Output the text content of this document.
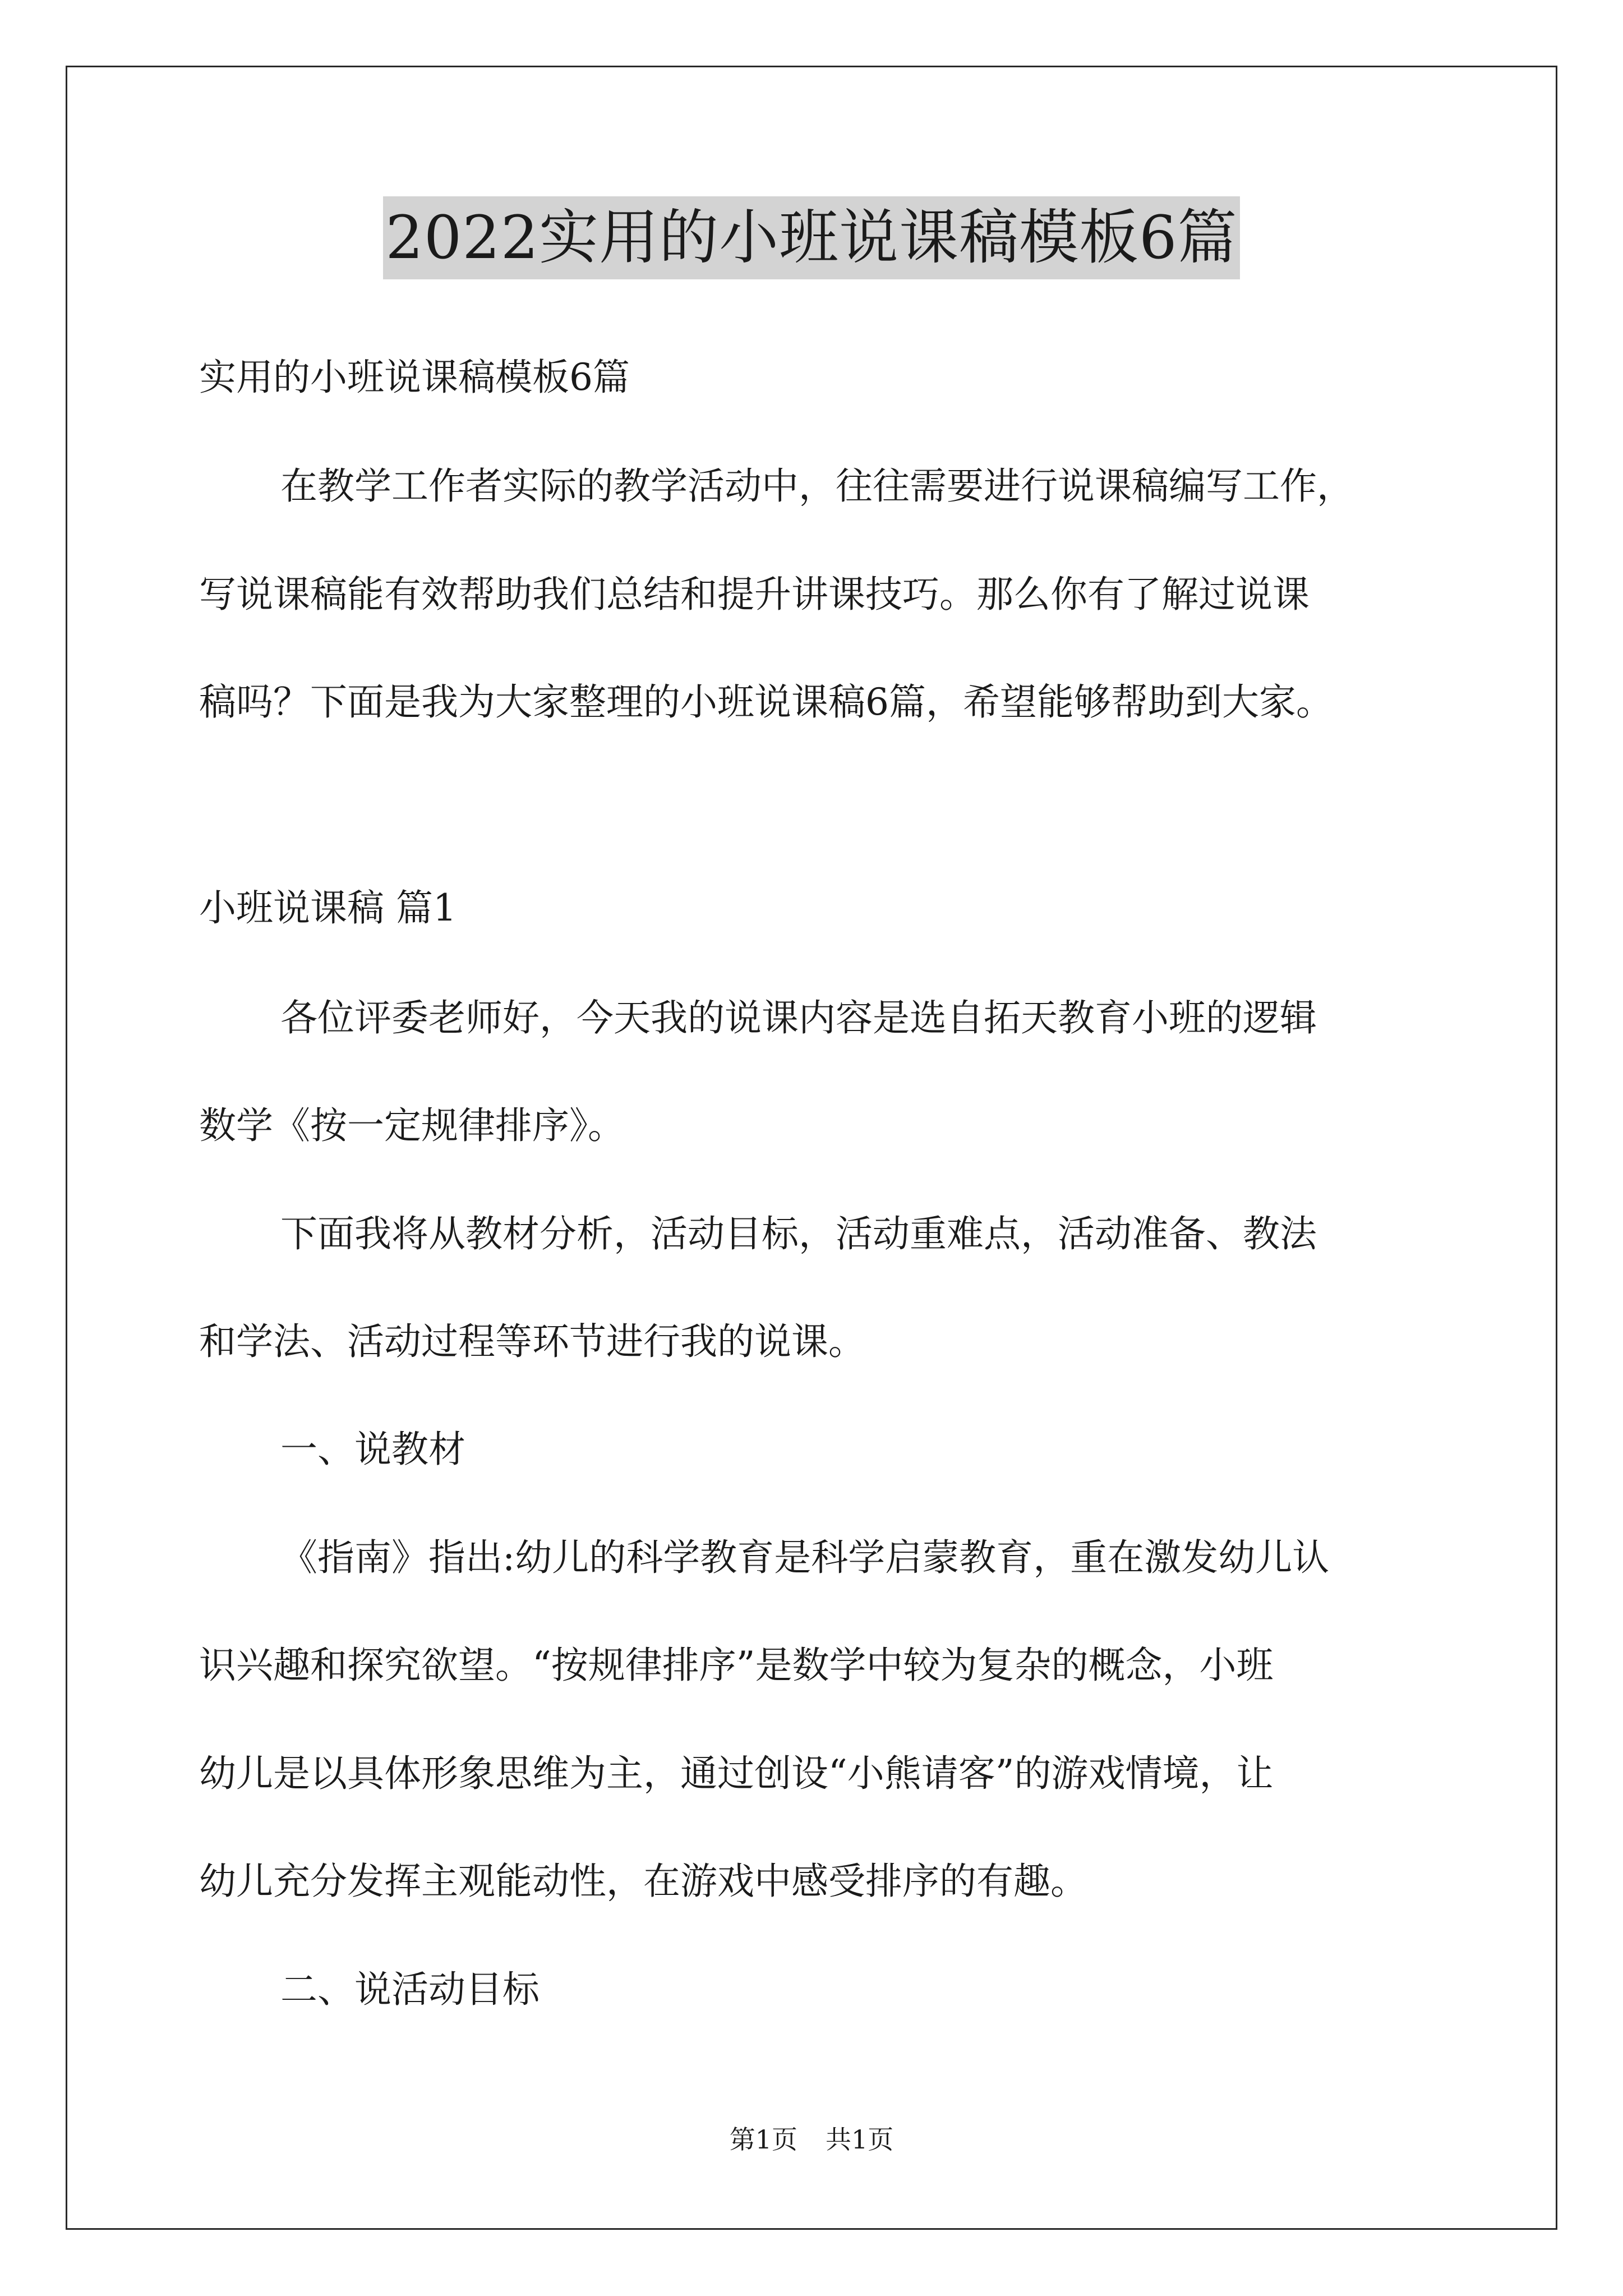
2022实用的小班说课稿模板6篇
实用的小班说课稿模板6篇
在教学工作者实际的教学活动中，往往需要进行说课稿编写工作，
写说课稿能有效帮助我们总结和提升讲课技巧。那么你有了解过说课
稿吗？下面是我为大家整理的小班说课稿6篇，希望能够帮助到大家。
小班说课稿 篇1
各位评委老师好，今天我的说课内容是选自拓天教育小班的逻辑
数学《按一定规律排序》。
下面我将从教材分析，活动目标，活动重难点，活动准备、教法
和学法、活动过程等环节进行我的说课。
一、说教材
《指南》指出:幼儿的科学教育是科学启蒙教育，重在激发幼儿认
识兴趣和探究欲望。“按规律排序”是数学中较为复杂的概念，小班
幼儿是以具体形象思维为主，通过创设“小熊请客”的游戏情境，让
幼儿充分发挥主观能动性，在游戏中感受排序的有趣。
二、说活动目标
第1页 共1页
